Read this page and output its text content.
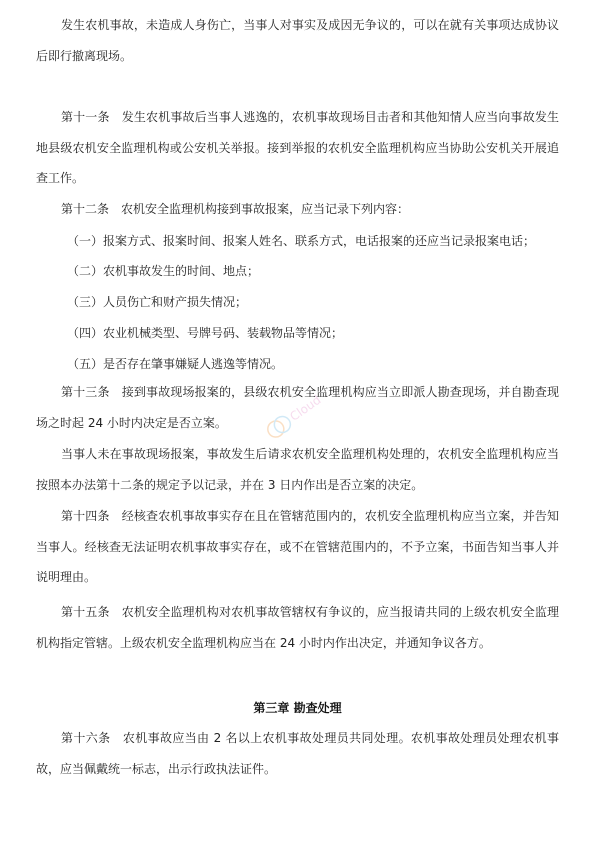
发生农机事故，未造成人身伤亡，当事人对事实及成因无争议的，可以在就有关事项达成协议后即行撤离现场。

第十一条　发生农机事故后当事人逃逸的，农机事故现场目击者和其他知情人应当向事故发生地县级农机安全监理机构或公安机关举报。接到举报的农机安全监理机构应当协助公安机关开展追查工作。

第十二条　农机安全监理机构接到事故报案，应当记录下列内容：

（一）报案方式、报案时间、报案人姓名、联系方式，电话报案的还应当记录报案电话；

（二）农机事故发生的时间、地点；

（三）人员伤亡和财产损失情况；

（四）农业机械类型、号牌号码、装载物品等情况；

（五）是否存在肇事嫌疑人逃逸等情况。

第十三条　接到事故现场报案的，县级农机安全监理机构应当立即派人勘查现场，并自勘查现场之时起 24 小时内决定是否立案。

当事人未在事故现场报案，事故发生后请求农机安全监理机构处理的，农机安全监理机构应当按照本办法第十二条的规定予以记录，并在 3 日内作出是否立案的决定。

第十四条　经核查农机事故事实存在且在管辖范围内的，农机安全监理机构应当立案，并告知当事人。经核查无法证明农机事故事实存在，或不在管辖范围内的，不予立案，书面告知当事人并说明理由。

第十五条　农机安全监理机构对农机事故管辖权有争议的，应当报请共同的上级农机安全监理机构指定管辖。上级农机安全监理机构应当在 24 小时内作出决定，并通知争议各方。

第三章 勘查处理

第十六条　农机事故应当由 2 名以上农机事故处理员共同处理。农机事故处理员处理农机事故，应当佩戴统一标志，出示行政执法证件。

Cloud
